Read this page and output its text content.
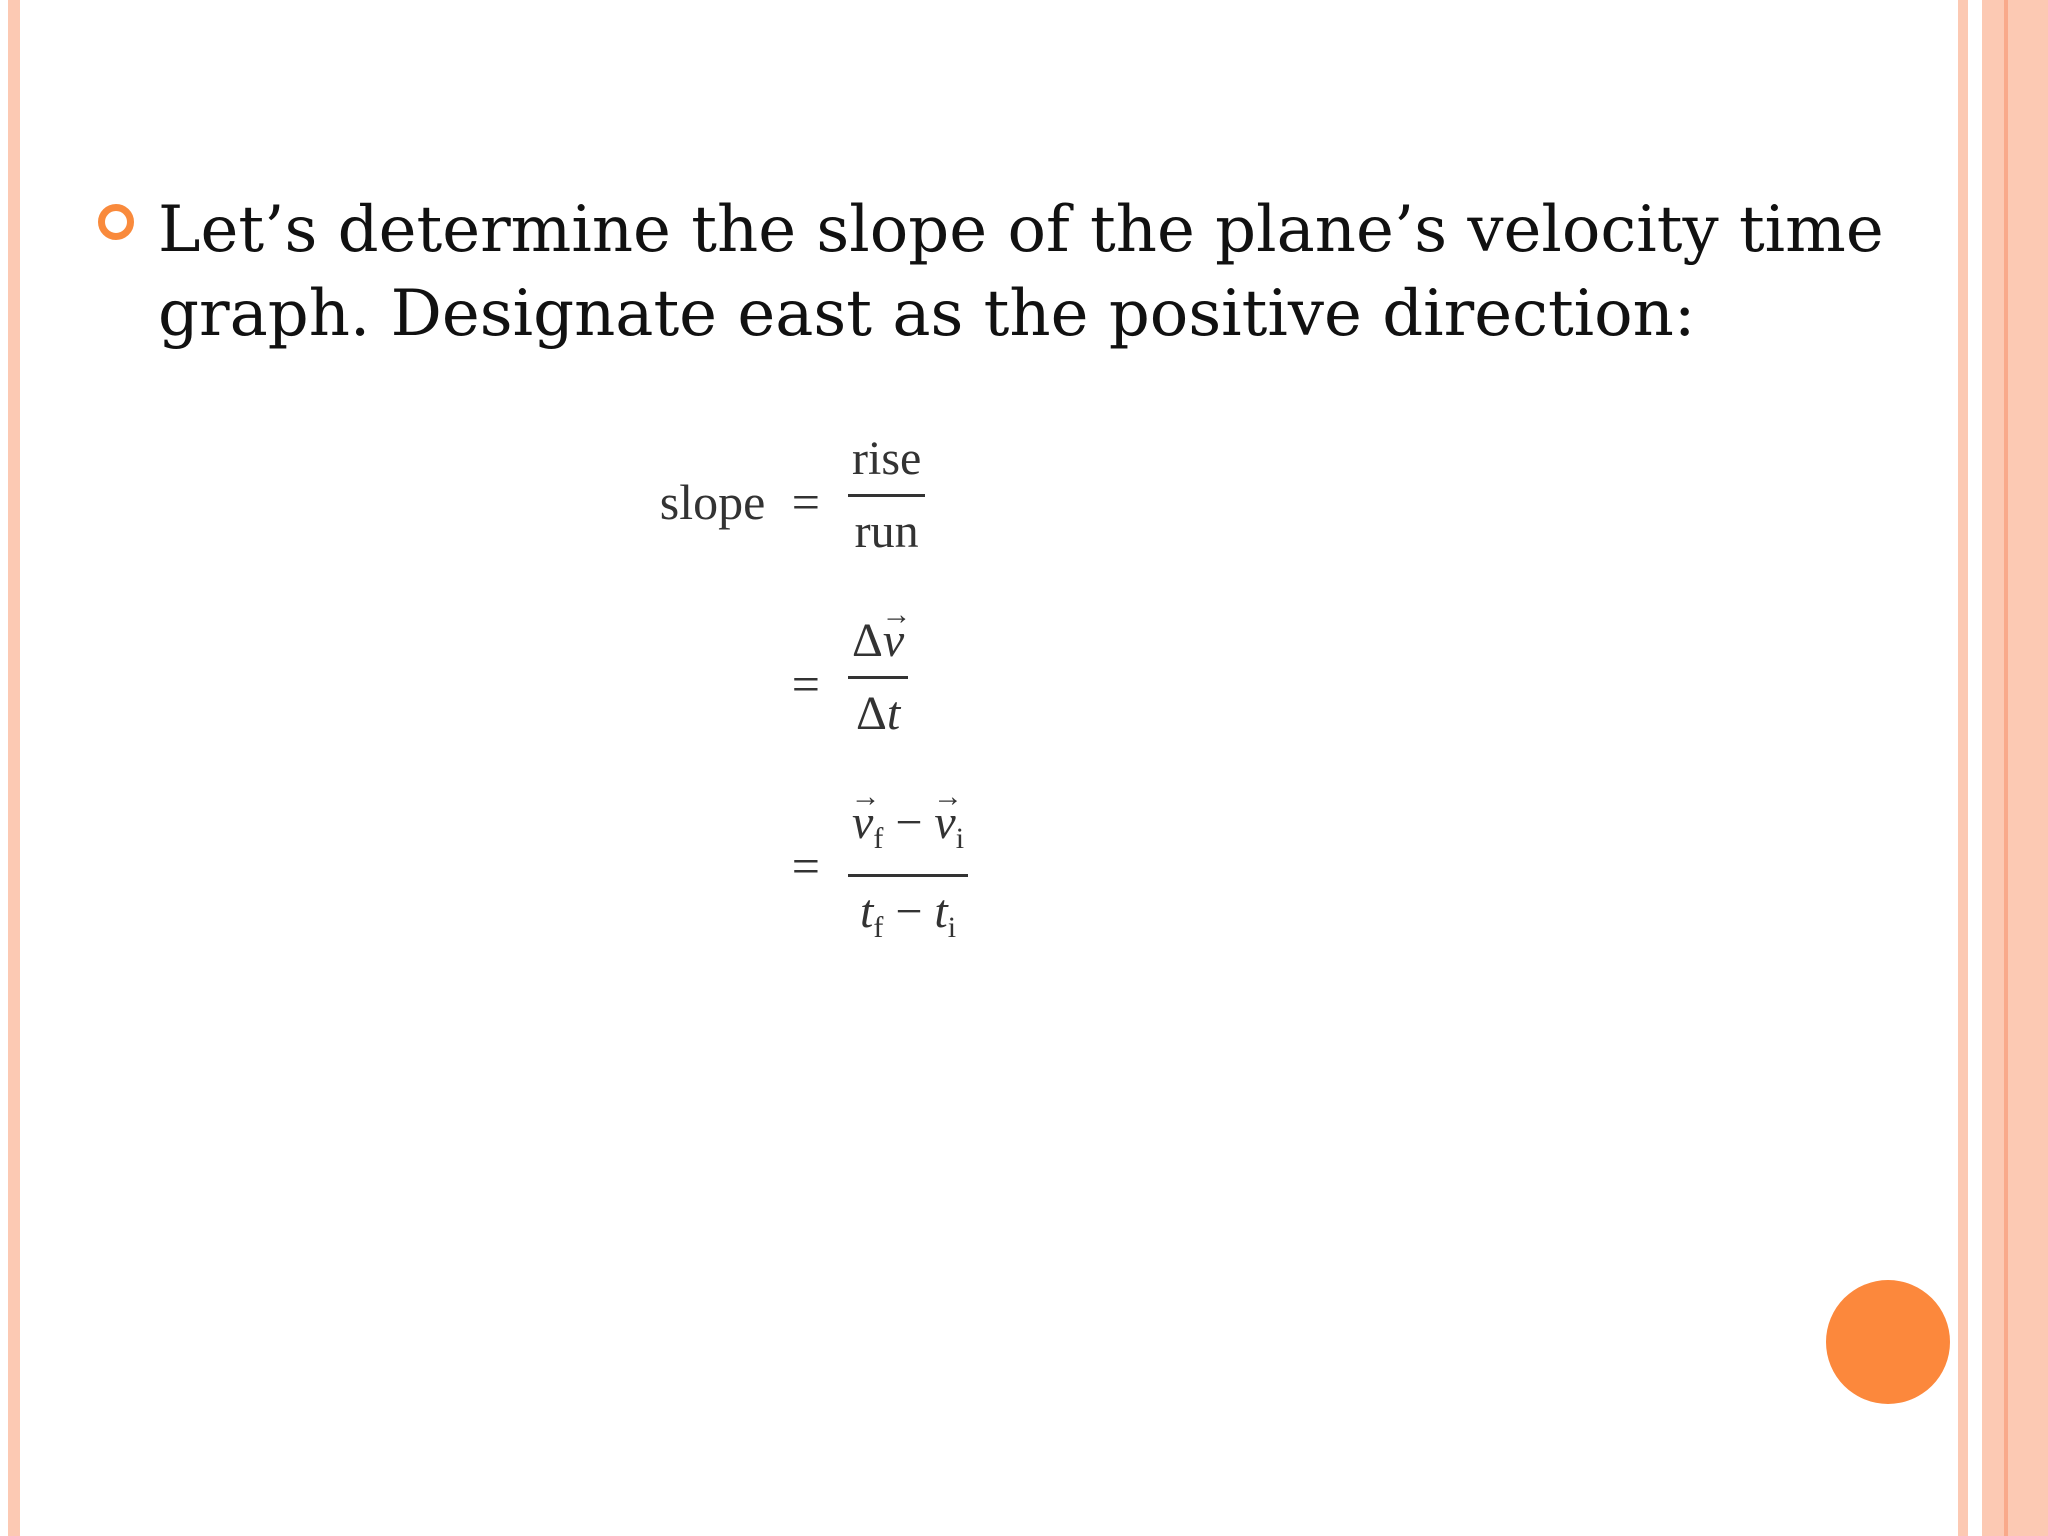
Let’s determine the slope of the plane’s velocity time graph. Designate east as the positive direction:
slope =
rise
run
=
Δ→ v
Δt
=
→ $v_f$ − → $v_i$
$t_f - t_i$
